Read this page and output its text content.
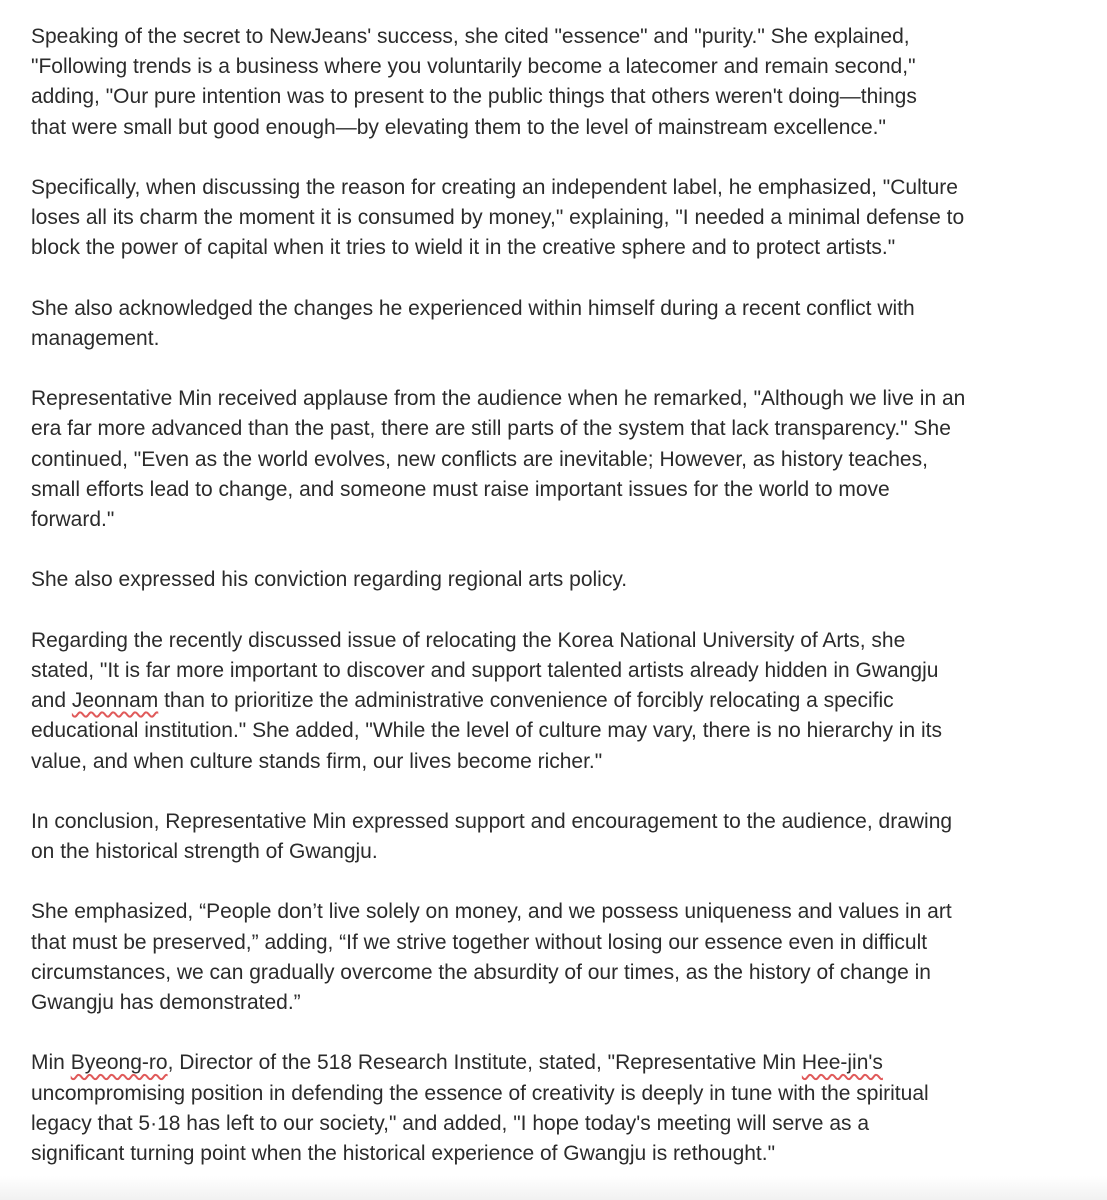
Speaking of the secret to NewJeans' success, she cited "essence" and "purity." She explained,
"Following trends is a business where you voluntarily become a latecomer and remain second,"
adding, "Our pure intention was to present to the public things that others weren't doing—things
that were small but good enough—by elevating them to the level of mainstream excellence."
Specifically, when discussing the reason for creating an independent label, he emphasized, "Culture
loses all its charm the moment it is consumed by money," explaining, "I needed a minimal defense to
block the power of capital when it tries to wield it in the creative sphere and to protect artists."
She also acknowledged the changes he experienced within himself during a recent conflict with
management.
Representative Min received applause from the audience when he remarked, "Although we live in an
era far more advanced than the past, there are still parts of the system that lack transparency." She
continued, "Even as the world evolves, new conflicts are inevitable; However, as history teaches,
small efforts lead to change, and someone must raise important issues for the world to move
forward."
She also expressed his conviction regarding regional arts policy.
Regarding the recently discussed issue of relocating the Korea National University of Arts, she
stated, "It is far more important to discover and support talented artists already hidden in Gwangju
and Jeonnam than to prioritize the administrative convenience of forcibly relocating a specific
educational institution." She added, "While the level of culture may vary, there is no hierarchy in its
value, and when culture stands firm, our lives become richer."
In conclusion, Representative Min expressed support and encouragement to the audience, drawing
on the historical strength of Gwangju.
She emphasized, “People don’t live solely on money, and we possess uniqueness and values in art
that must be preserved,” adding, “If we strive together without losing our essence even in difficult
circumstances, we can gradually overcome the absurdity of our times, as the history of change in
Gwangju has demonstrated.”
Min Byeong-ro, Director of the 518 Research Institute, stated, "Representative Min Hee-jin's
uncompromising position in defending the essence of creativity is deeply in tune with the spiritual
legacy that 5·18 has left to our society," and added, "I hope today's meeting will serve as a
significant turning point when the historical experience of Gwangju is rethought."
